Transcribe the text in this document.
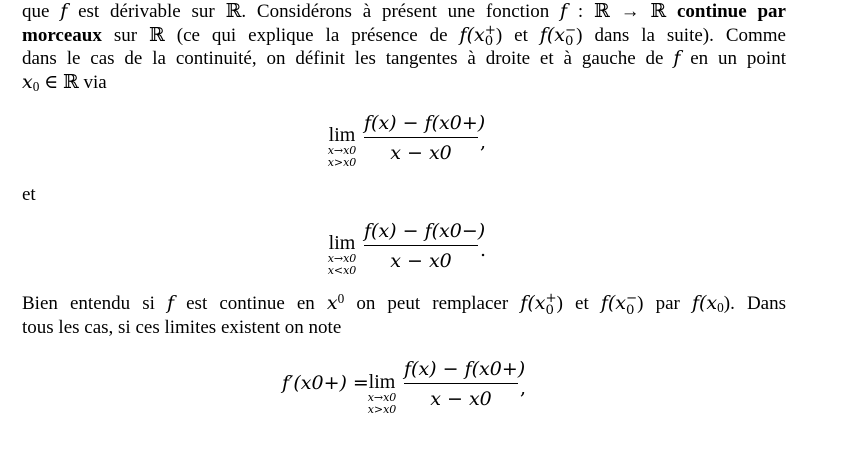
que f est dérivable sur ℝ. Considérons à présent une fonction f : ℝ → ℝ continue par
morceaux sur ℝ (ce qui explique la présence de f(x +
0 ) et f(x −
0 ) dans la suite). Comme
dans le cas de la continuité, on définit les tangentes à droite et à gauche de f en un point
$x_0$ ∈ ℝ via
lim
x→x0
x>x0
f(x) − f(x0+)
x − x0	,
et
lim
x→x0
x<x0
f(x) − f(x0−)
x − x0	.
Bien entendu si f est continue en $x^0$ on peut remplacer f(x +
0 ) et f(x −
0 ) par $f(x_0)$. Dans
tous les cas, si ces limites existent on note
f′(x0+) = lim
x→x0
x>x0
f(x) − f(x0+)
x − x0	,
